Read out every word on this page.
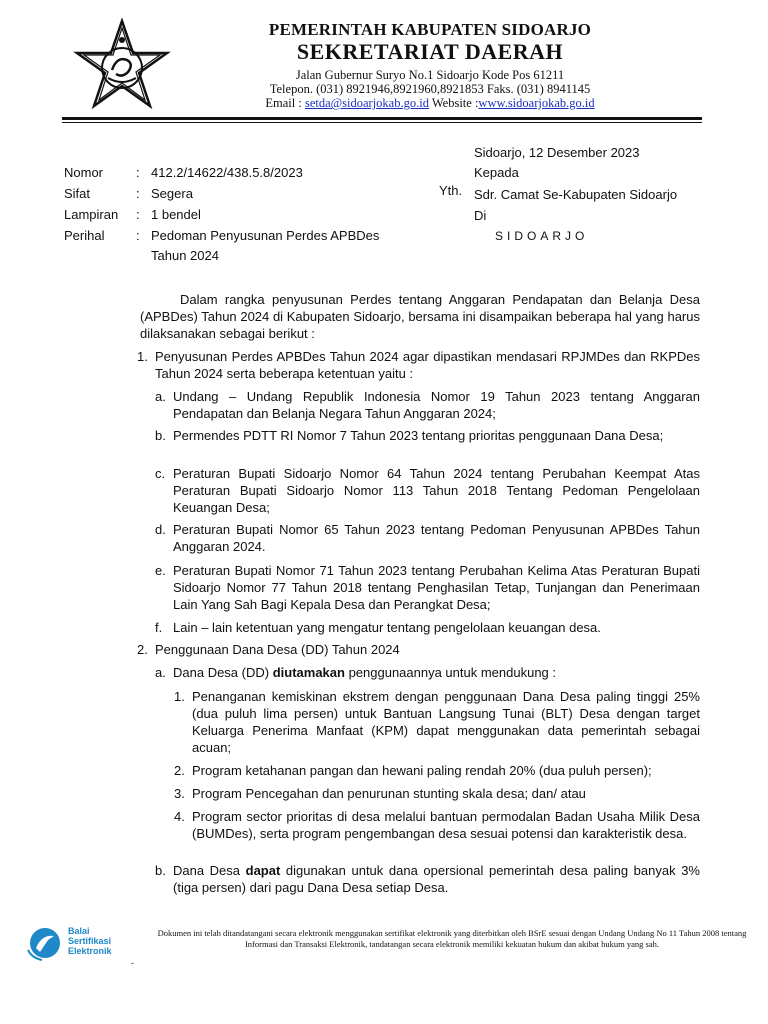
PEMERINTAH KABUPATEN SIDOARJO
SEKRETARIAT DAERAH
Jalan Gubernur Suryo No.1 Sidoarjo Kode Pos 61211
Telepon. (031) 8921946,8921960,8921853 Faks. (031) 8941145
Email : setda@sidoarjokab.go.id Website :www.sidoarjokab.go.id
Nomor	: 412.2/14622/438.5.8/2023
Sifat	: Segera
Lampiran	: 1 bendel
Perihal	: Pedoman Penyusunan Perdes APBDes
Tahun 2024
Sidoarjo, 12 Desember 2023
Kepada
Yth. Sdr. Camat Se-Kabupaten Sidoarjo
Di
SIDOARJO
Dalam rangka penyusunan Perdes tentang Anggaran Pendapatan dan Belanja Desa (APBDes) Tahun 2024 di Kabupaten Sidoarjo, bersama ini disampaikan beberapa hal yang harus dilaksanakan sebagai berikut :
1. Penyusunan Perdes APBDes Tahun 2024 agar dipastikan mendasari RPJMDes dan RKPDes Tahun 2024 serta beberapa ketentuan yaitu :
a. Undang – Undang Republik Indonesia Nomor 19 Tahun 2023 tentang Anggaran Pendapatan dan Belanja Negara Tahun Anggaran 2024;
b. Permendes PDTT RI Nomor 7 Tahun 2023 tentang prioritas penggunaan Dana Desa;
c. Peraturan Bupati Sidoarjo Nomor 64 Tahun 2024 tentang Perubahan Keempat Atas Peraturan Bupati Sidoarjo Nomor 113 Tahun 2018 Tentang Pedoman Pengelolaan Keuangan Desa;
d. Peraturan Bupati Nomor 65 Tahun 2023 tentang Pedoman Penyusunan APBDes Tahun Anggaran 2024.
e. Peraturan Bupati Nomor 71 Tahun 2023 tentang Perubahan Kelima Atas Peraturan Bupati Sidoarjo Nomor 77 Tahun 2018 tentang Penghasilan Tetap, Tunjangan dan Penerimaan Lain Yang Sah Bagi Kepala Desa dan Perangkat Desa;
f. Lain – lain ketentuan yang mengatur tentang pengelolaan keuangan desa.
2. Penggunaan Dana Desa (DD) Tahun 2024
a. Dana Desa (DD) diutamakan penggunaannya untuk mendukung :
1. Penanganan kemiskinan ekstrem dengan penggunaan Dana Desa paling tinggi 25% (dua puluh lima persen) untuk Bantuan Langsung Tunai (BLT) Desa dengan target Keluarga Penerima Manfaat (KPM) dapat menggunakan data pemerintah sebagai acuan;
2. Program ketahanan pangan dan hewani paling rendah 20% (dua puluh persen);
3. Program Pencegahan dan penurunan stunting skala desa; dan/ atau
4. Program sector prioritas di desa melalui bantuan permodalan Badan Usaha Milik Desa (BUMDes), serta program pengembangan desa sesuai potensi dan karakteristik desa.
b. Dana Desa dapat digunakan untuk dana opersional pemerintah desa paling banyak 3% (tiga persen) dari pagu Dana Desa setiap Desa.
Balai
Sertifikasi
Elektronik
Dokumen ini telah ditandatangani secara elektronik menggunakan sertifikat elektronik yang diterbitkan oleh BSrE sesuai dengan Undang Undang No 11 Tahun 2008 tentang Informasi dan Transaksi Elektronik, tandatangan secara elektronik memiliki kekuatan hukum dan akibat hukum yang sah.
-
